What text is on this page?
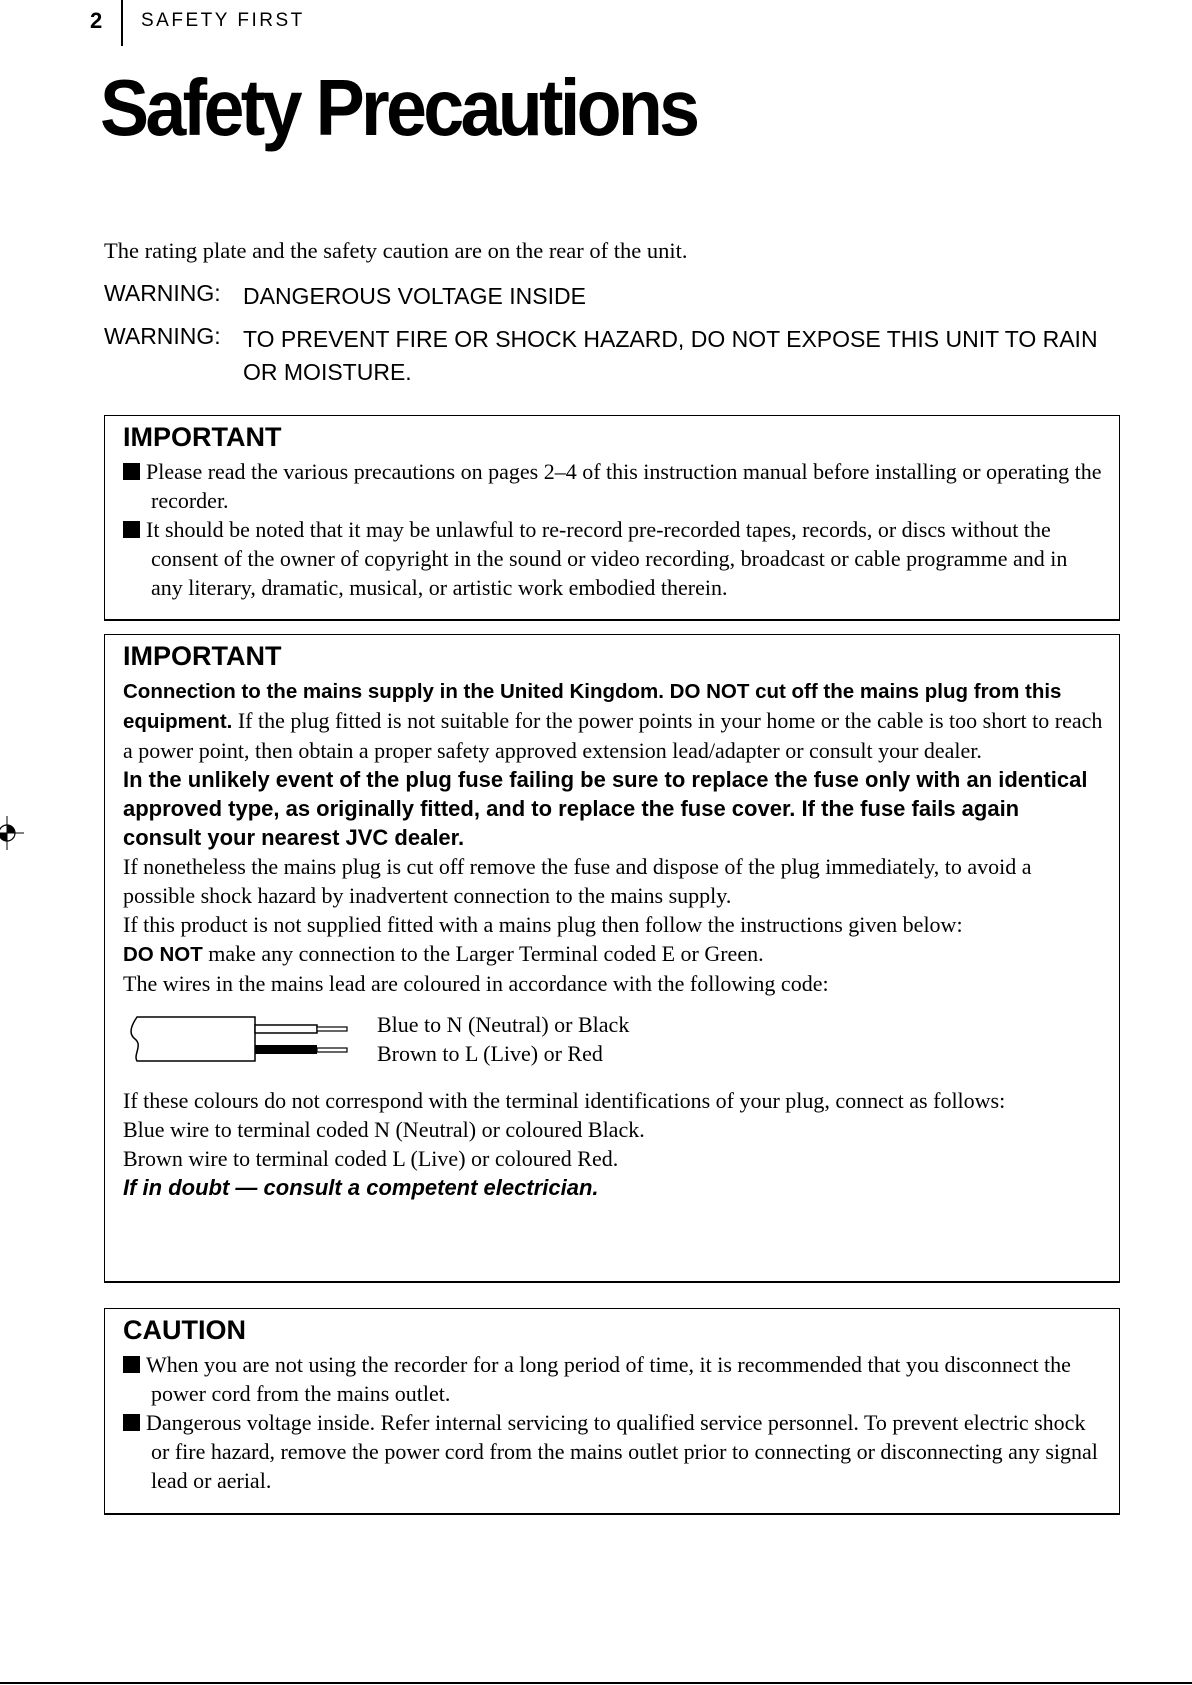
2 SAFETY FIRST
Safety Precautions
The rating plate and the safety caution are on the rear of the unit.
WARNING: DANGEROUS VOLTAGE INSIDE
WARNING: TO PREVENT FIRE OR SHOCK HAZARD, DO NOT EXPOSE THIS UNIT TO RAIN OR MOISTURE.
IMPORTANT

Please read the various precautions on pages 2–4 of this instruction manual before installing or operating the recorder.

It should be noted that it may be unlawful to re-record pre-recorded tapes, records, or discs without the consent of the owner of copyright in the sound or video recording, broadcast or cable programme and in any literary, dramatic, musical, or artistic work embodied therein.

IMPORTANT

Connection to the mains supply in the United Kingdom. DO NOT cut off the mains plug from this equipment. If the plug fitted is not suitable for the power points in your home or the cable is too short to reach a power point, then obtain a proper safety approved extension lead/adapter or consult your dealer.

In the unlikely event of the plug fuse failing be sure to replace the fuse only with an identical approved type, as originally fitted, and to replace the fuse cover. If the fuse fails again consult your nearest JVC dealer.

If nonetheless the mains plug is cut off remove the fuse and dispose of the plug immediately, to avoid a possible shock hazard by inadvertent connection to the mains supply.

If this product is not supplied fitted with a mains plug then follow the instructions given below:

DO NOT make any connection to the Larger Terminal coded E or Green.

The wires in the mains lead are coloured in accordance with the following code:

Blue to N (Neutral) or Black
Brown to L (Live) or Red

If these colours do not correspond with the terminal identifications of your plug, connect as follows:

Blue wire to terminal coded N (Neutral) or coloured Black.

Brown wire to terminal coded L (Live) or coloured Red.

If in doubt — consult a competent electrician.

CAUTION

When you are not using the recorder for a long period of time, it is recommended that you disconnect the power cord from the mains outlet.

Dangerous voltage inside. Refer internal servicing to qualified service personnel. To prevent electric shock or fire hazard, remove the power cord from the mains outlet prior to connecting or disconnecting any signal lead or aerial.
